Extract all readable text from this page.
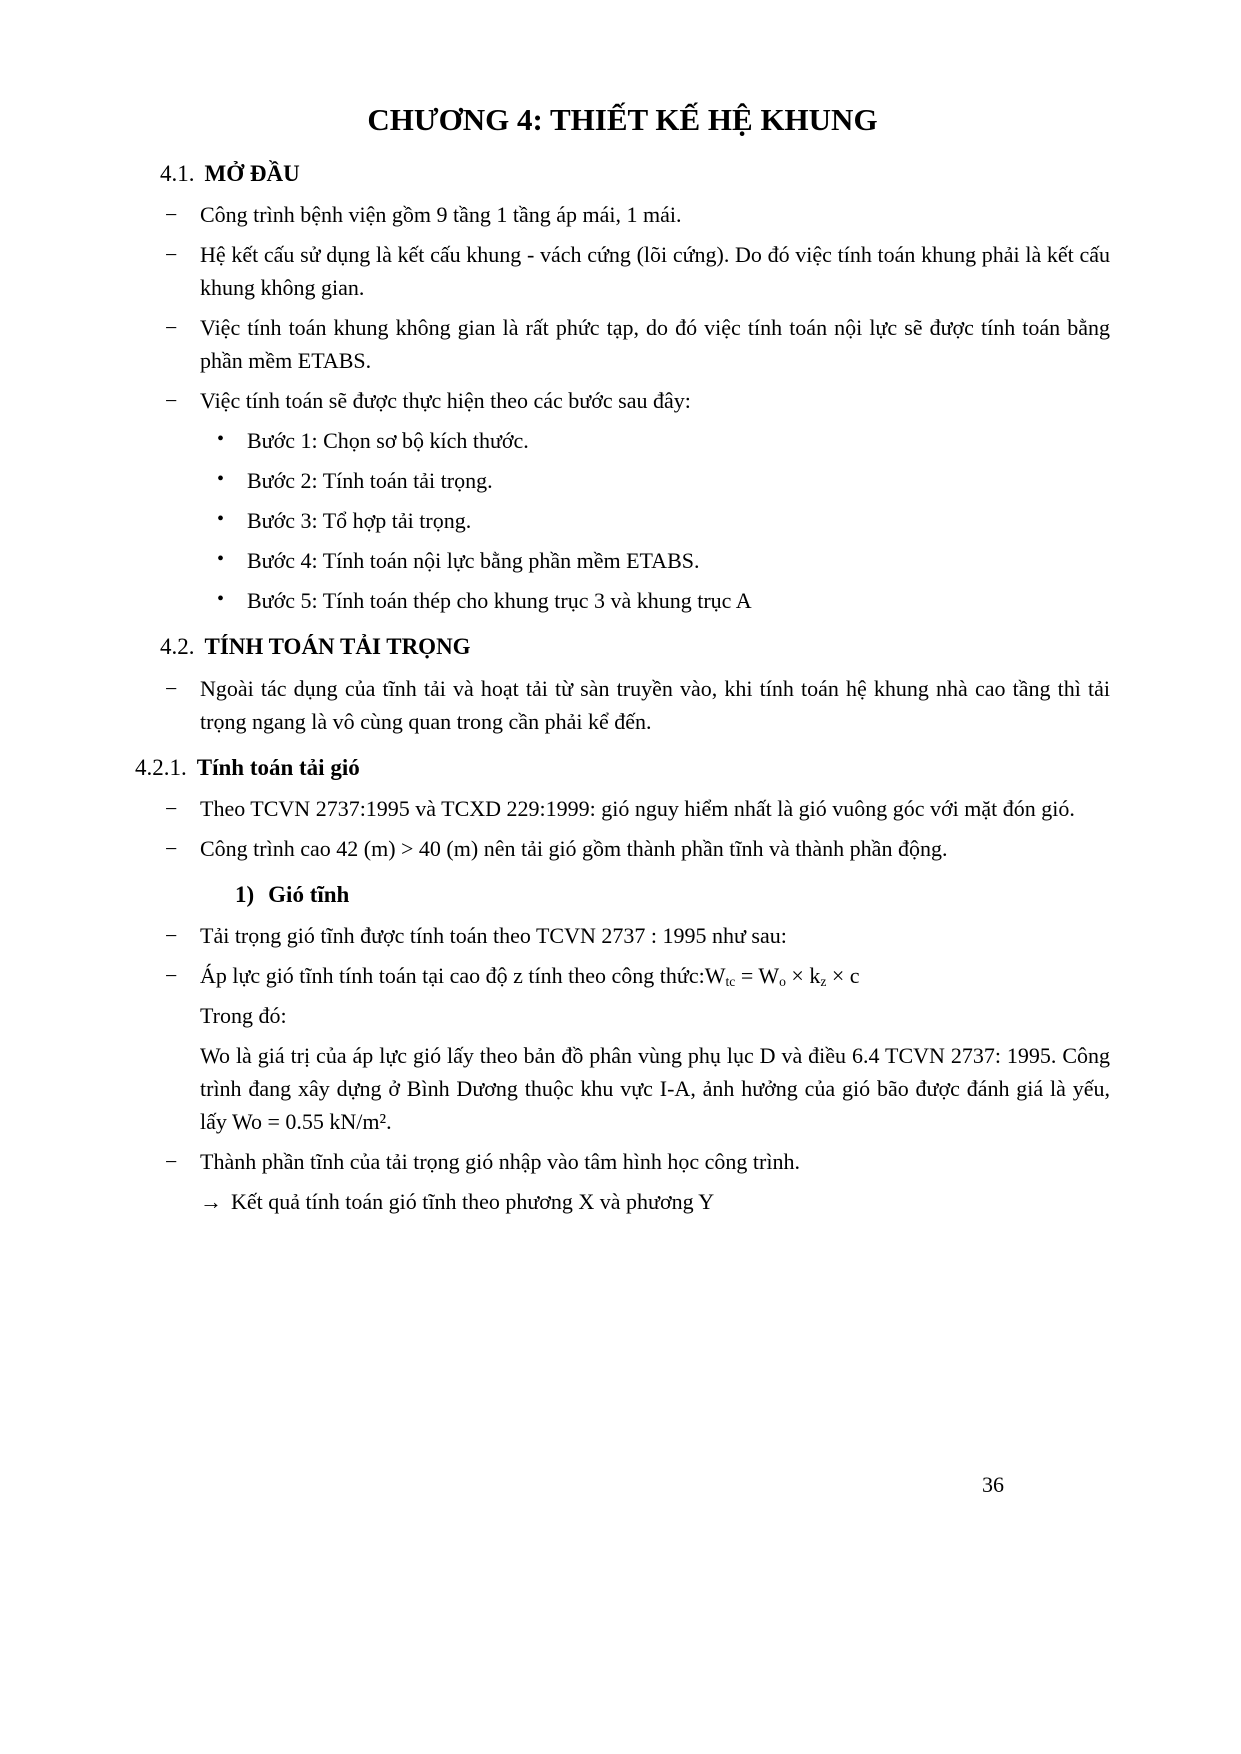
CHƯƠNG 4: THIẾT KẾ HỆ KHUNG
4.1. MỞ ĐẦU
−	Công trình bệnh viện gồm 9 tầng 1 tầng áp mái, 1 mái.
−	Hệ kết cấu sử dụng là kết cấu khung - vách cứng (lõi cứng). Do đó việc tính toán khung phải là kết cấu khung không gian.
−	Việc tính toán khung không gian là rất phức tạp, do đó việc tính toán nội lực sẽ được tính toán bằng phần mềm ETABS.
−	Việc tính toán sẽ được thực hiện theo các bước sau đây:
•	Bước 1: Chọn sơ bộ kích thước.
•	Bước 2: Tính toán tải trọng.
•	Bước 3: Tổ hợp tải trọng.
•	Bước 4: Tính toán nội lực bằng phần mềm ETABS.
•	Bước 5: Tính toán thép cho khung trục 3 và khung trục A
4.2. TÍNH TOÁN TẢI TRỌNG
−	Ngoài tác dụng của tĩnh tải và hoạt tải từ sàn truyền vào, khi tính toán hệ khung nhà cao tầng thì tải trọng ngang là vô cùng quan trong cần phải kể đến.
4.2.1. Tính toán tải gió
−	Theo TCVN 2737:1995 và TCXD 229:1999: gió nguy hiểm nhất là gió vuông góc với mặt đón gió.
−	Công trình cao 42 (m) > 40 (m) nên tải gió gồm thành phần tĩnh và thành phần động.
1) Gió tĩnh
−	Tải trọng gió tĩnh được tính toán theo TCVN 2737 : 1995 như sau:
−	Áp lực gió tĩnh tính toán tại cao độ z tính theo công $thức:W_{tc} = W_o \times k_z \times c$
Trong đó:
Wo là giá trị của áp lực gió lấy theo bản đồ phân vùng phụ lục D và điều 6.4 TCVN 2737: 1995. Công trình đang xây dựng ở Bình Dương thuộc khu vực I-A, ảnh hưởng của gió bão được đánh giá là yếu, lấy Wo = 0.55 kN/m².
−	Thành phần tĩnh của tải trọng gió nhập vào tâm hình học công trình.
→ Kết quả tính toán gió tĩnh theo phương X và phương Y
36
